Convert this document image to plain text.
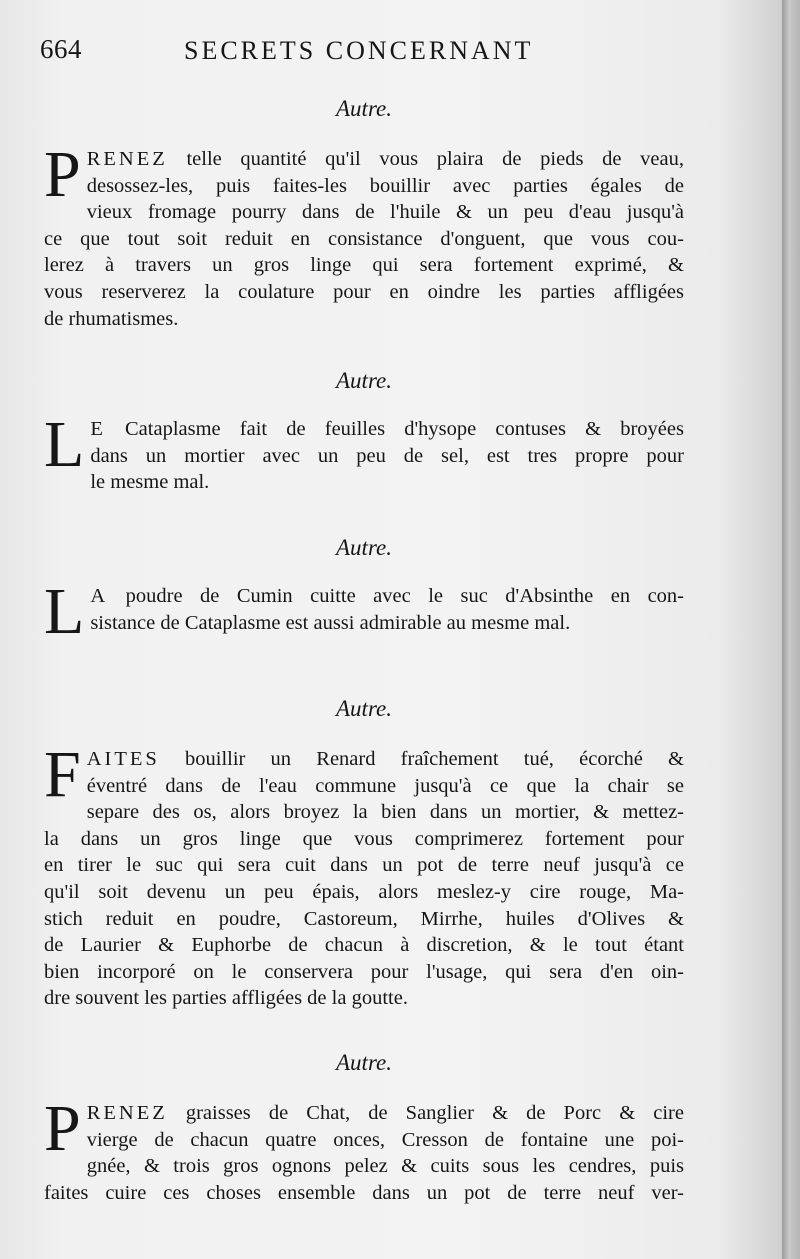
664	SECRETS CONCERNANT

Autre.

P RENEZ telle quantité qu'il vous plaira de pieds de veau,
desossez-les, puis faites-les bouillir avec parties égales de
vieux fromage pourry dans de l'huile & un peu d'eau jusqu'à
ce que tout soit reduit en consistance d'onguent, que vous cou-
lerez à travers un gros linge qui sera fortement exprimé, &
vous reserverez la coulature pour en oindre les parties affligées
de rhumatismes.

Autre.

L E Cataplasme fait de feuilles d'hysope contuses & broyées
dans un mortier avec un peu de sel, est tres propre pour
le mesme mal.

Autre.

L A poudre de Cumin cuitte avec le suc d'Absinthe en con-
sistance de Cataplasme est aussi admirable au mesme mal.

Autre.

F AITES bouillir un Renard fraîchement tué, écorché &
éventré dans de l'eau commune jusqu'à ce que la chair se
separe des os, alors broyez la bien dans un mortier, & mettez-
la dans un gros linge que vous comprimerez fortement pour
en tirer le suc qui sera cuit dans un pot de terre neuf jusqu'à ce
qu'il soit devenu un peu épais, alors meslez-y cire rouge, Ma-
stich reduit en poudre, Castoreum, Mirrhe, huiles d'Olives &
de Laurier & Euphorbe de chacun à discretion, & le tout étant
bien incorporé on le conservera pour l'usage, qui sera d'en oin-
dre souvent les parties affligées de la goutte.

Autre.

P RENEZ graisses de Chat, de Sanglier & de Porc & cire
vierge de chacun quatre onces, Cresson de fontaine une poi-
gnée, & trois gros ognons pelez & cuits sous les cendres, puis
faites cuire ces choses ensemble dans un pot de terre neuf ver-
